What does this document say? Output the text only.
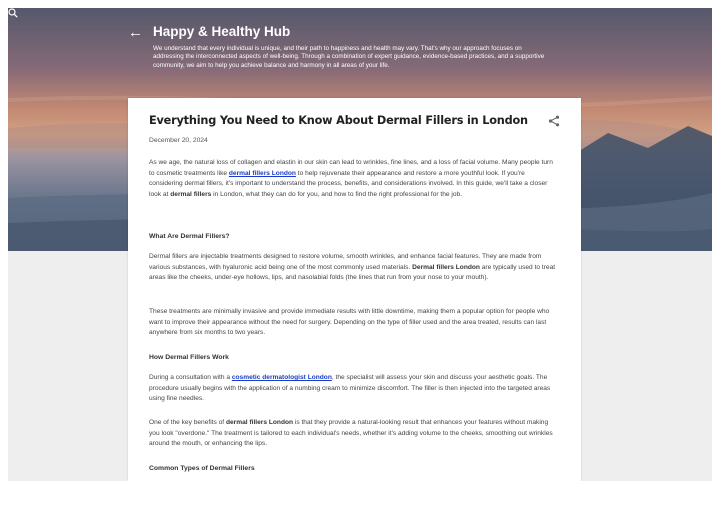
← Happy & Healthy Hub

We understand that every individual is unique, and their path to happiness and health may vary. That's why our approach focuses on addressing the interconnected aspects of well-being. Through a combination of expert guidance, evidence-based practices, and a supportive community, we aim to help you achieve balance and harmony in all areas of your life.

Everything You Need to Know About Dermal Fillers in London
December 20, 2024

As we age, the natural loss of collagen and elastin in our skin can lead to wrinkles, fine lines, and a loss of facial volume. Many people turn to cosmetic treatments like dermal fillers London to help rejuvenate their appearance and restore a more youthful look. If you're considering dermal fillers, it's important to understand the process, benefits, and considerations involved. In this guide, we'll take a closer look at dermal fillers in London, what they can do for you, and how to find the right professional for the job.

What Are Dermal Fillers?

Dermal fillers are injectable treatments designed to restore volume, smooth wrinkles, and enhance facial features. They are made from various substances, with hyaluronic acid being one of the most commonly used materials. Dermal fillers London are typically used to treat areas like the cheeks, under-eye hollows, lips, and nasolabial folds (the lines that run from your nose to your mouth).

These treatments are minimally invasive and provide immediate results with little downtime, making them a popular option for people who want to improve their appearance without the need for surgery. Depending on the type of filler used and the area treated, results can last anywhere from six months to two years.

How Dermal Fillers Work

During a consultation with a cosmetic dermatologist London, the specialist will assess your skin and discuss your aesthetic goals. The procedure usually begins with the application of a numbing cream to minimize discomfort. The filler is then injected into the targeted areas using fine needles.

One of the key benefits of dermal fillers London is that they provide a natural-looking result that enhances your features without making you look "overdone." The treatment is tailored to each individual's needs, whether it's adding volume to the cheeks, smoothing out wrinkles around the mouth, or enhancing the lips.

Common Types of Dermal Fillers
